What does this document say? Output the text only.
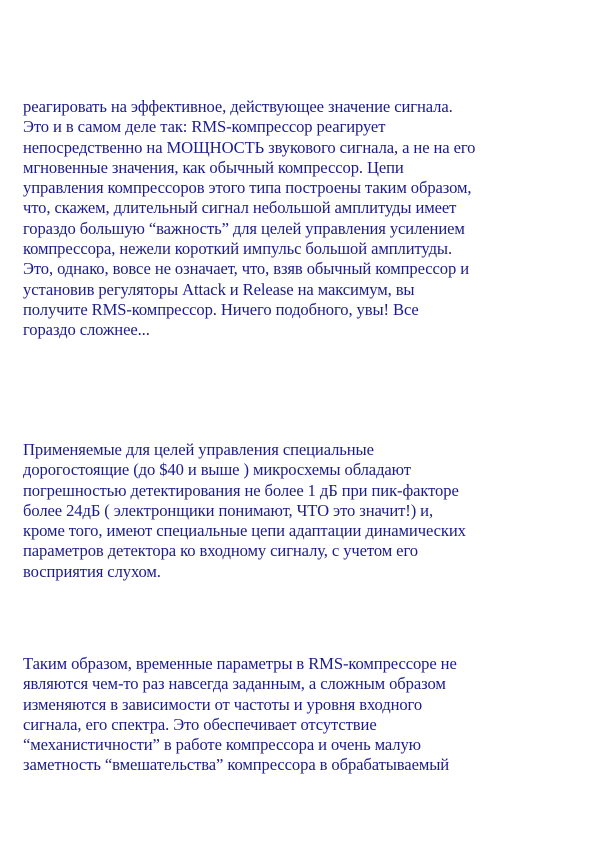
реагировать на эффективное, действующее значение сигнала.
Это и в самом деле так: RMS-компрессор реагирует
непосредственно на МОЩНОСТЬ звукового сигнала, а не на его
мгновенные значения, как обычный компрессор. Цепи
управления компрессоров этого типа построены таким образом,
что, скажем, длительный сигнал небольшой амплитуды имеет
гораздо большую “важность” для целей управления усилением
компрессора, нежели короткий импульс большой амплитуды.
Это, однако, вовсе не означает, что, взяв обычный компрессор и
установив регуляторы Attack и Release на максимум, вы
получите RMS-компрессор. Ничего подобного, увы! Все
гораздо сложнее...

Применяемые для целей управления специальные
дорогостоящие (до $40 и выше ) микросхемы обладают
погрешностью детектирования не более 1 дБ при пик-факторе
более 24дБ ( электронщики понимают, ЧТО это значит!) и,
кроме того, имеют специальные цепи адаптации динамических
параметров детектора ко входному сигналу, с учетом его
восприятия слухом.

Таким образом, временные параметры в RMS-компрессоре не
являются чем-то раз навсегда заданным, а сложным образом
изменяются в зависимости от частоты и уровня входного
сигнала, его спектра. Это обеспечивает отсутствие
“механистичности” в работе компрессора и очень малую
заметность “вмешательства” компрессора в обрабатываемый
